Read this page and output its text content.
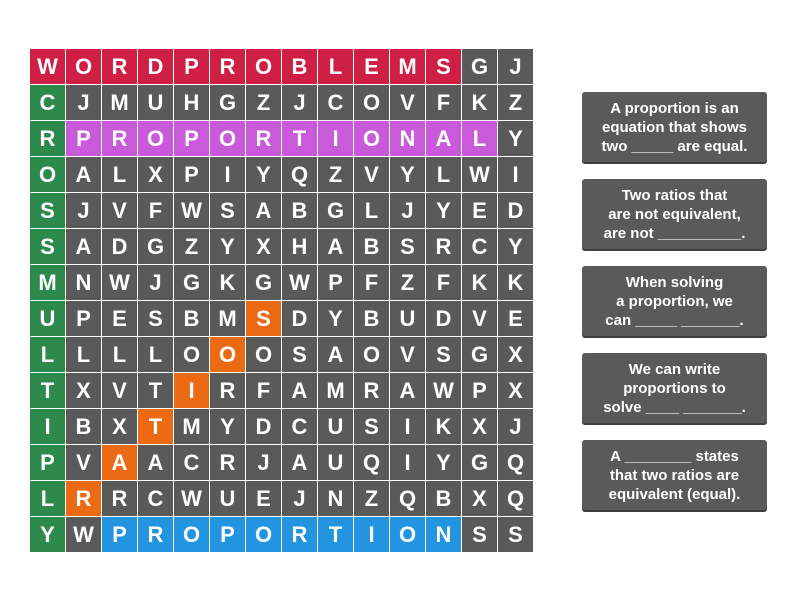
W O R D P R O B L E M S G J
C J M U H G Z	J C O V F K Z
R P R O P O R T	I	O N A L Y
O A L X P	I	Y Q Z V Y L W	I
S	J	V F W S A B G L	J	Y E D
S A D G Z Y X H A B S R C Y
M N W J G K G W P F	Z	F K K
U P E S B M S D Y B U D V E
L	L	L	L O O O S A O V S G X
T X V T	I	R F A M R A W P X
I	B X T M Y D C U S	I	K X	J
P V A A C R J A U Q	I	Y G Q
L R R C W U E	J N Z Q B X Q
Y W P R O P O R T	I	O N S S
A proportion is an
equation that shows
two _____ are equal.
Two ratios that
are not equivalent,
are not __________.
When solving
a proportion, we
can _____ _______.
We can write
proportions to
solve ____ _______.
A ________ states
that two ratios are
equivalent (equal).
